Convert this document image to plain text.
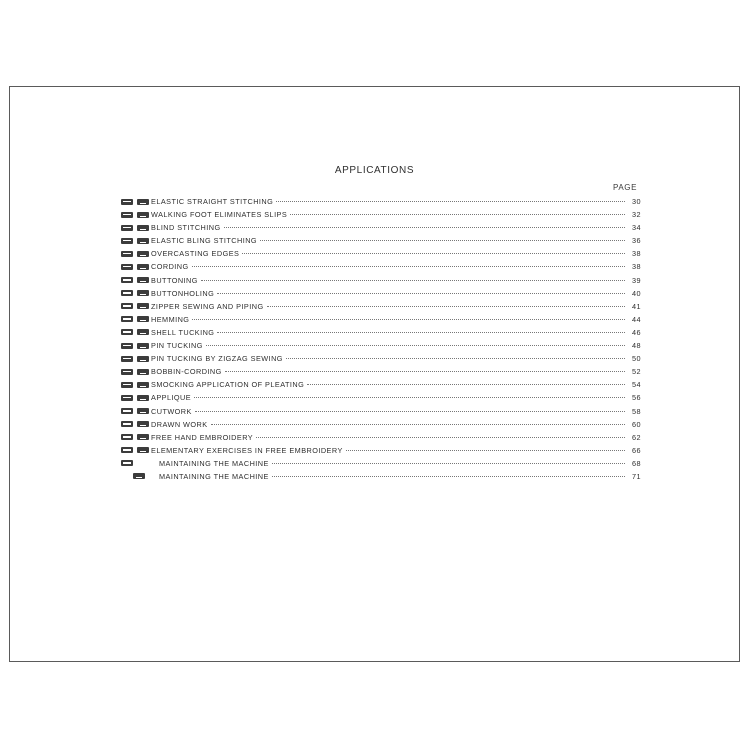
APPLICATIONS
PAGE
ELASTIC STRAIGHT STITCHING	30
WALKING FOOT ELIMINATES SLIPS	32
BLIND STITCHING	34
ELASTIC BLING STITCHING	36
OVERCASTING EDGES	38
CORDING	38
BUTTONING	39
BUTTONHOLING	40
ZIPPER SEWING AND PIPING	41
HEMMING	44
SHELL TUCKING	46
PIN TUCKING	48
PIN TUCKING BY ZIGZAG SEWING	50
BOBBIN-CORDING	52
SMOCKING APPLICATION OF PLEATING	54
APPLIQUE	56
CUTWORK	58
DRAWN WORK	60
FREE HAND EMBROIDERY	62
ELEMENTARY EXERCISES IN FREE EMBROIDERY	66
MAINTAINING THE MACHINE	68
MAINTAINING THE MACHINE	71
